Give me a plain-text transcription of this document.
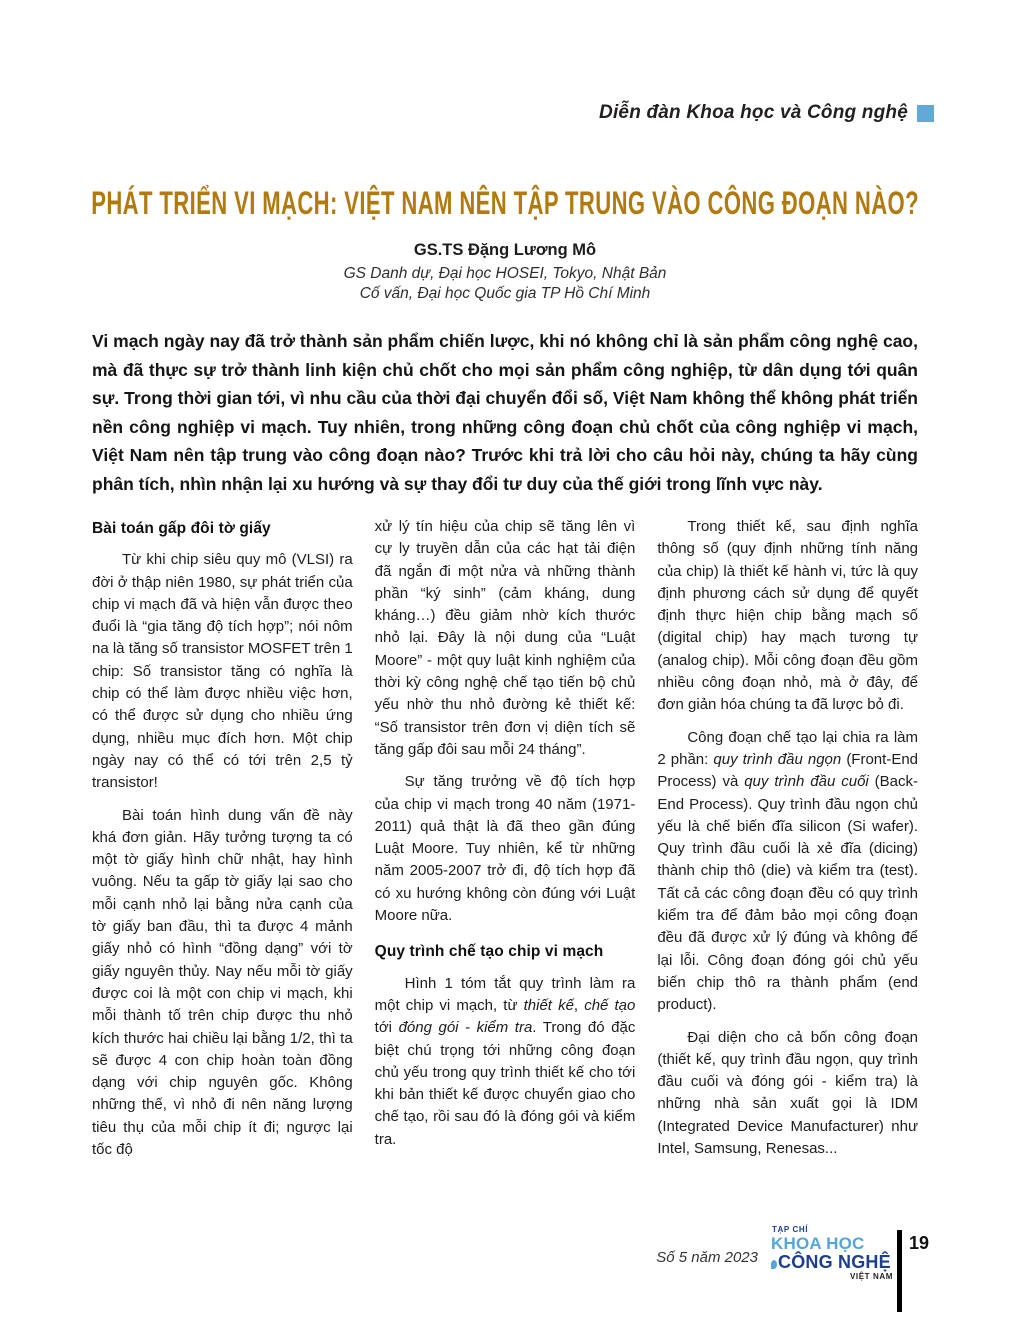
Diễn đàn Khoa học và Công nghệ
PHÁT TRIỂN VI MẠCH: VIỆT NAM NÊN TẬP TRUNG VÀO CÔNG ĐOẠN NÀO?
GS.TS Đặng Lương Mô
GS Danh dự, Đại học HOSEI, Tokyo, Nhật Bản
Cố vấn, Đại học Quốc gia TP Hồ Chí Minh
Vi mạch ngày nay đã trở thành sản phẩm chiến lược, khi nó không chỉ là sản phẩm công nghệ cao, mà đã thực sự trở thành linh kiện chủ chốt cho mọi sản phẩm công nghiệp, từ dân dụng tới quân sự. Trong thời gian tới, vì nhu cầu của thời đại chuyển đổi số, Việt Nam không thể không phát triển nền công nghiệp vi mạch. Tuy nhiên, trong những công đoạn chủ chốt của công nghiệp vi mạch, Việt Nam nên tập trung vào công đoạn nào? Trước khi trả lời cho câu hỏi này, chúng ta hãy cùng phân tích, nhìn nhận lại xu hướng và sự thay đổi tư duy của thế giới trong lĩnh vực này.
Bài toán gấp đôi tờ giấy

Từ khi chip siêu quy mô (VLSI) ra đời ở thập niên 1980, sự phát triển của chip vi mạch đã và hiện vẫn được theo đuổi là “gia tăng độ tích hợp”; nói nôm na là tăng số transistor MOSFET trên 1 chip: Số transistor tăng có nghĩa là chip có thể làm được nhiều việc hơn, có thể được sử dụng cho nhiều ứng dụng, nhiều mục đích hơn. Một chip ngày nay có thể có tới trên 2,5 tỷ transistor!

Bài toán hình dung vấn đề này khá đơn giản. Hãy tưởng tượng ta có một tờ giấy hình chữ nhật, hay hình vuông. Nếu ta gấp tờ giấy lại sao cho mỗi cạnh nhỏ lại bằng nửa cạnh của tờ giấy ban đầu, thì ta được 4 mảnh giấy nhỏ có hình “đồng dạng” với tờ giấy nguyên thủy. Nay nếu mỗi tờ giấy được coi là một con chip vi mạch, khi mỗi thành tố trên chip được thu nhỏ kích thước hai chiều lại bằng 1/2, thì ta sẽ được 4 con chip hoàn toàn đồng dạng với chip nguyên gốc. Không những thế, vì nhỏ đi nên năng lượng tiêu thụ của mỗi chip ít đi; ngược lại tốc độ

xử lý tín hiệu của chip sẽ tăng lên vì cự ly truyền dẫn của các hạt tải điện đã ngắn đi một nửa và những thành phần “ký sinh” (cảm kháng, dung kháng…) đều giảm nhờ kích thước nhỏ lại. Đây là nội dung của “Luật Moore” - một quy luật kinh nghiệm của thời kỳ công nghệ chế tạo tiến bộ chủ yếu nhờ thu nhỏ đường kẻ thiết kế: “Số transistor trên đơn vị diện tích sẽ tăng gấp đôi sau mỗi 24 tháng”.

Sự tăng trưởng về độ tích hợp của chip vi mạch trong 40 năm (1971-2011) quả thật là đã theo gần đúng Luật Moore. Tuy nhiên, kể từ những năm 2005-2007 trở đi, độ tích hợp đã có xu hướng không còn đúng với Luật Moore nữa.

Quy trình chế tạo chip vi mạch

Hình 1 tóm tắt quy trình làm ra một chip vi mạch, từ thiết kế, chế tạo tới đóng gói - kiểm tra. Trong đó đặc biệt chú trọng tới những công đoạn chủ yếu trong quy trình thiết kế cho tới khi bản thiết kế được chuyển giao cho chế tạo, rồi sau đó là đóng gói và kiểm tra.

Trong thiết kế, sau định nghĩa thông số (quy định những tính năng của chip) là thiết kế hành vi, tức là quy định phương cách sử dụng để quyết định thực hiện chip bằng mạch số (digital chip) hay mạch tương tự (analog chip). Mỗi công đoạn đều gồm nhiều công đoạn nhỏ, mà ở đây, để đơn giản hóa chúng ta đã lược bỏ đi.

Công đoạn chế tạo lại chia ra làm 2 phần: quy trình đầu ngọn (Front-End Process) và quy trình đầu cuối (Back-End Process). Quy trình đầu ngọn chủ yếu là chế biến đĩa silicon (Si wafer). Quy trình đầu cuối là xẻ đĩa (dicing) thành chip thô (die) và kiểm tra (test). Tất cả các công đoạn đều có quy trình kiểm tra để đảm bảo mọi công đoạn đều đã được xử lý đúng và không để lại lỗi. Công đoạn đóng gói chủ yếu biến chip thô ra thành phẩm (end product).

Đại diện cho cả bốn công đoạn (thiết kế, quy trình đầu ngọn, quy trình đầu cuối và đóng gói - kiểm tra) là những nhà sản xuất gọi là IDM (Integrated Device Manufacturer) như Intel, Samsung, Renesas...

Số 5 năm 2023
TẠP CHÍ
KHOA HỌC
CÔNG NGHỆ
VIỆT NAM
19
